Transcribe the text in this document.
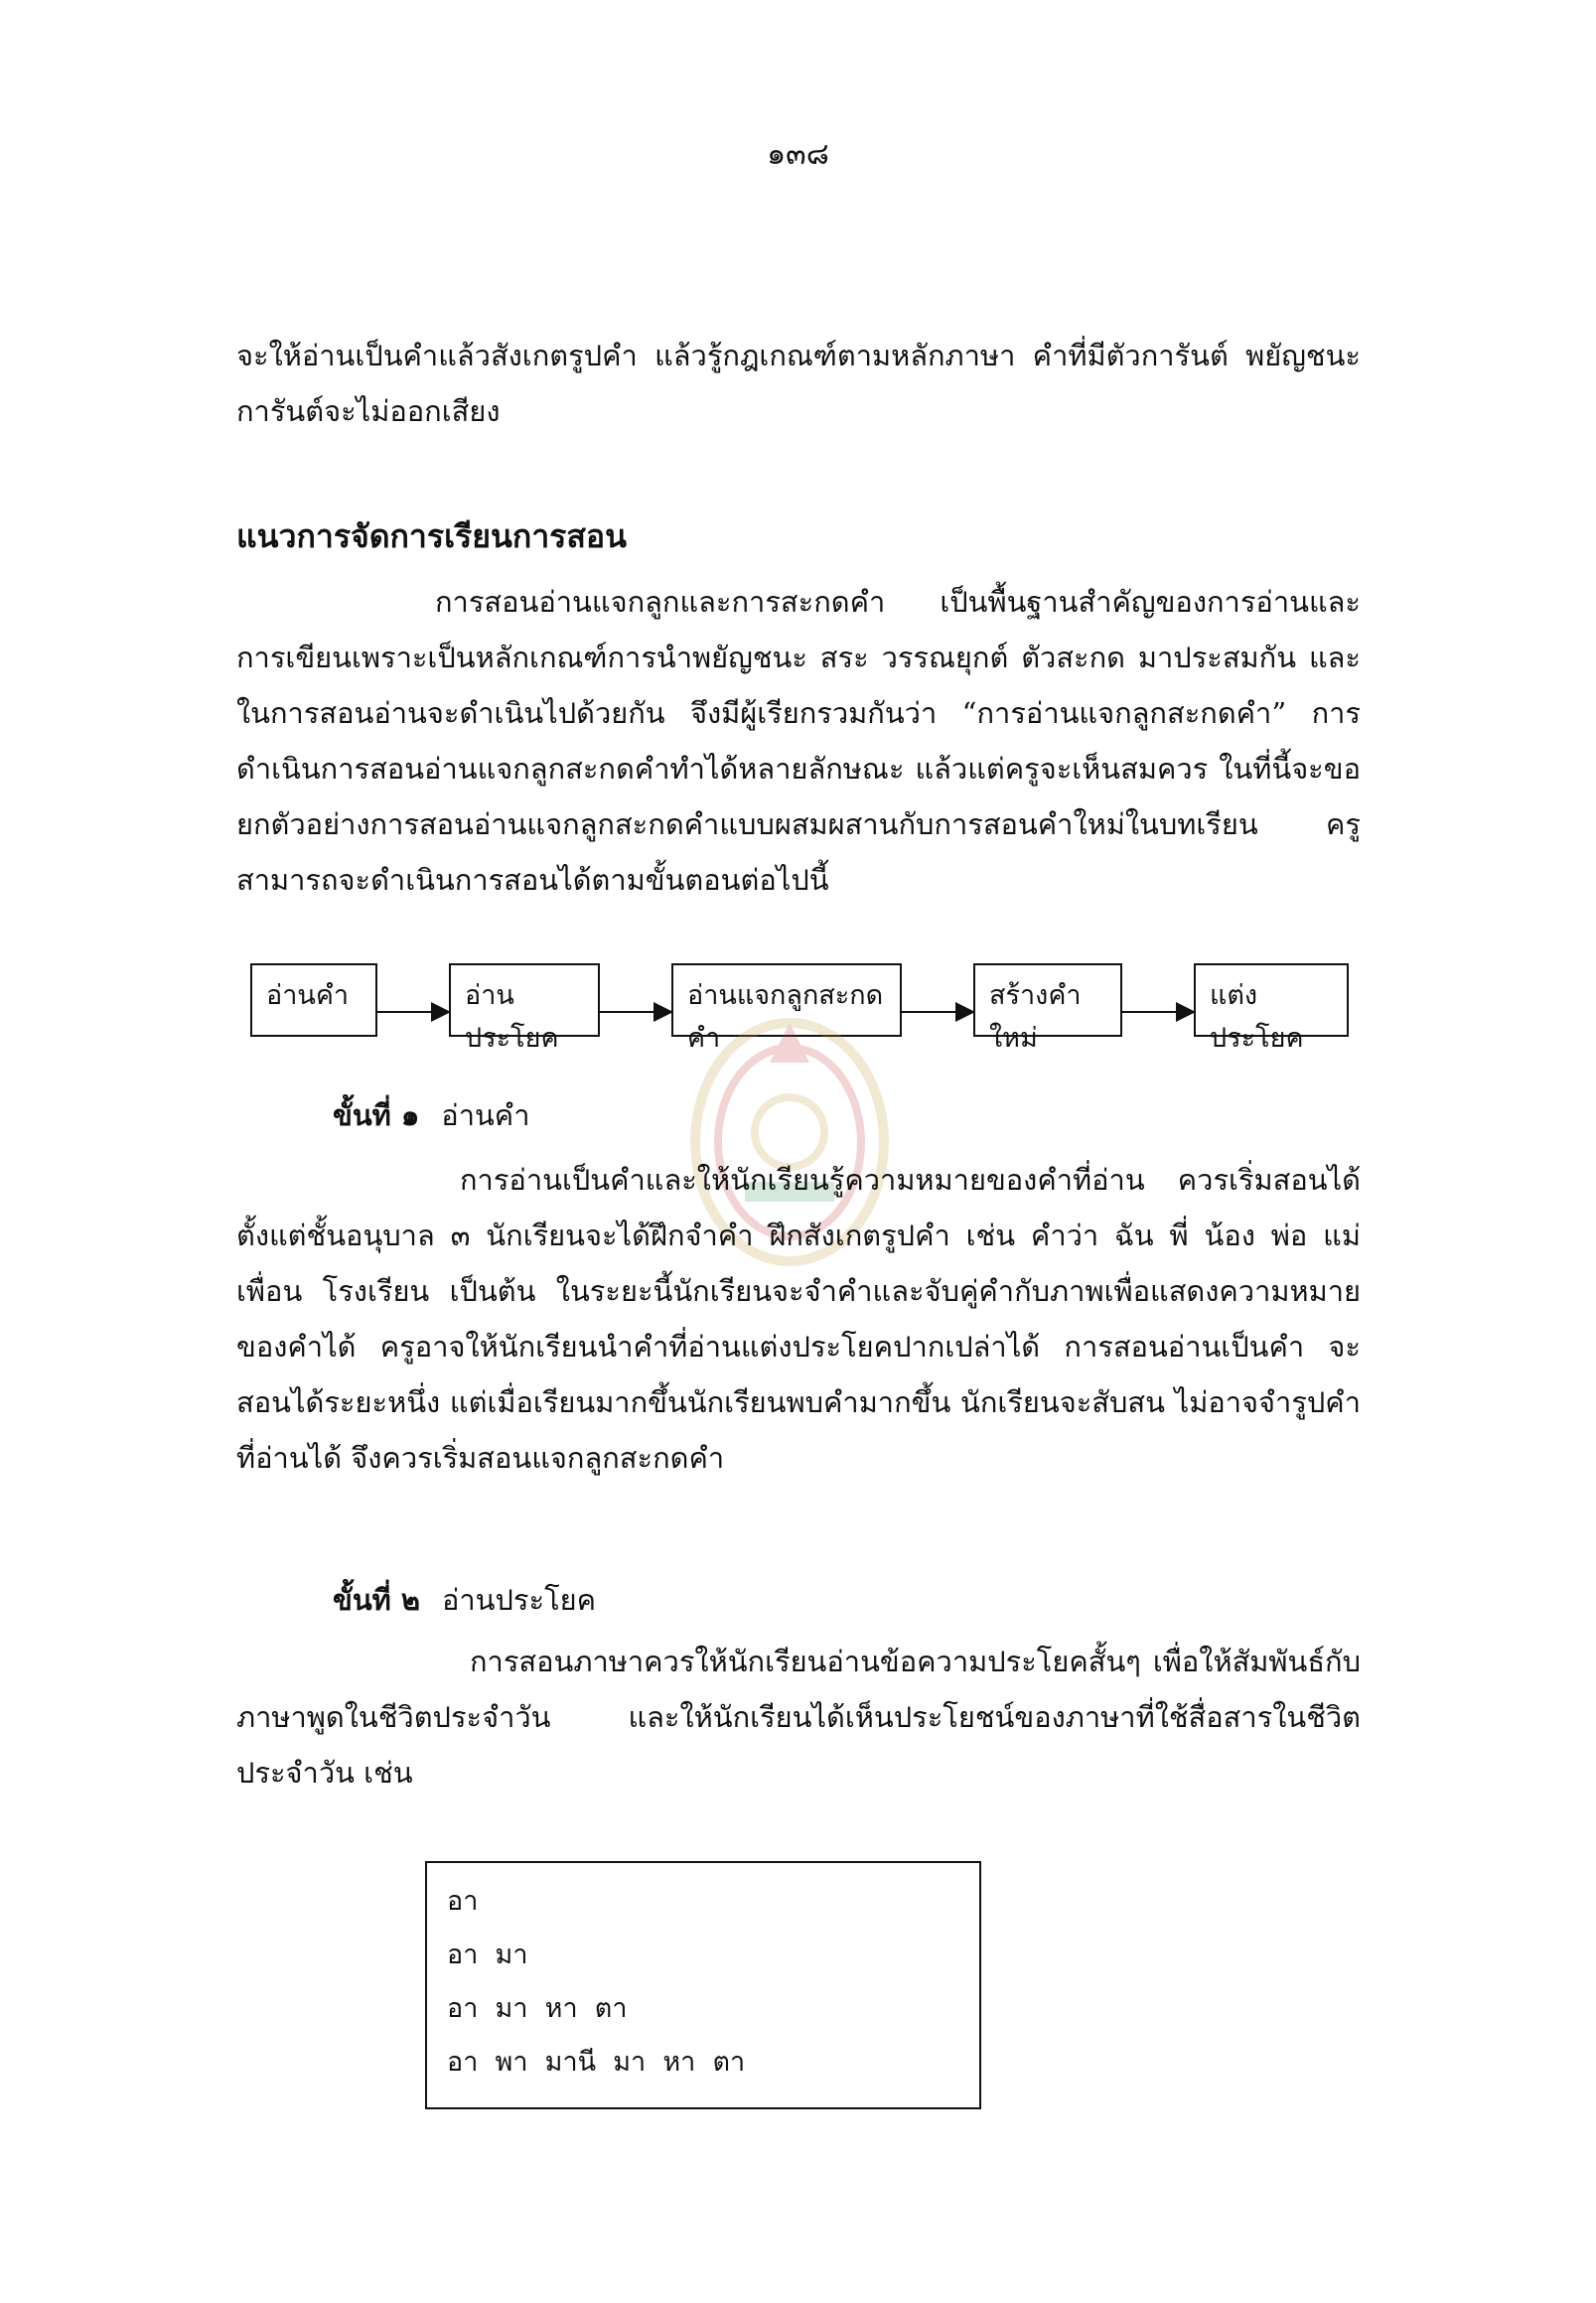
๑๓๘
จะให้อ่านเป็นคำแล้วสังเกตรูปคำ แล้วรู้กฎเกณฑ์ตามหลักภาษา คำที่มีตัวการันต์ พยัญชนะการันต์จะไม่ออกเสียง
แนวการจัดการเรียนการสอน
การสอนอ่านแจกลูกและการสะกดคำ เป็นพื้นฐานสำคัญของการอ่านและการเขียนเพราะเป็นหลักเกณฑ์การนำพยัญชนะ สระ วรรณยุกต์ ตัวสะกด มาประสมกัน และในการสอนอ่านจะดำเนินไปด้วยกัน จึงมีผู้เรียกรวมกันว่า “การอ่านแจกลูกสะกดคำ” การดำเนินการสอนอ่านแจกลูกสะกดคำทำได้หลายลักษณะ แล้วแต่ครูจะเห็นสมควร ในที่นี้จะขอยกตัวอย่างการสอนอ่านแจกลูกสะกดคำแบบผสมผสานกับการสอนคำใหม่ในบทเรียน ครูสามารถจะดำเนินการสอนได้ตามขั้นตอนต่อไปนี้
อ่านคำ	อ่านประโยค
อ่านแจกลูกสะกดคำ
สร้างคำใหม่
แต่งประโยค
ขั้นที่ ๑ อ่านคำ
การอ่านเป็นคำและให้นักเรียนรู้ความหมายของคำที่อ่าน ควรเริ่มสอนได้ตั้งแต่ชั้นอนุบาล ๓ นักเรียนจะได้ฝึกจำคำ ฝึกสังเกตรูปคำ เช่น คำว่า ฉัน พี่ น้อง พ่อ แม่ เพื่อน โรงเรียน เป็นต้น ในระยะนี้นักเรียนจะจำคำและจับคู่คำกับภาพเพื่อแสดงความหมายของคำได้ ครูอาจให้นักเรียนนำคำที่อ่านแต่งประโยคปากเปล่าได้ การสอนอ่านเป็นคำ จะสอนได้ระยะหนึ่ง แต่เมื่อเรียนมากขึ้นนักเรียนพบคำมากขึ้น นักเรียนจะสับสน ไม่อาจจำรูปคำที่อ่านได้ จึงควรเริ่มสอนแจกลูกสะกดคำ
ขั้นที่ ๒ อ่านประโยค
การสอนภาษาควรให้นักเรียนอ่านข้อความประโยคสั้นๆ เพื่อให้สัมพันธ์กับภาษาพูดในชีวิตประจำวัน และให้นักเรียนได้เห็นประโยชน์ของภาษาที่ใช้สื่อสารในชีวิตประจำวัน เช่น
อา
อา  มา
อา  มา  หา  ตา
อา  พา  มานี  มา  หา  ตา
